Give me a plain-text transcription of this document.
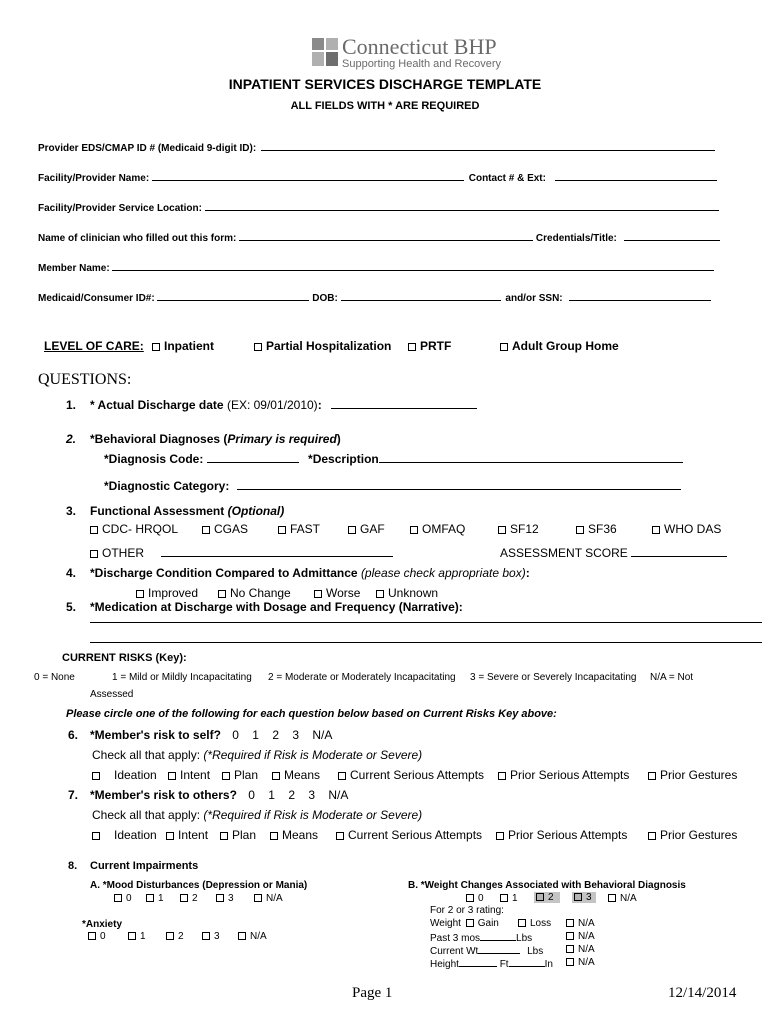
Connecticut BHP
Supporting Health and Recovery
INPATIENT SERVICES DISCHARGE TEMPLATE
ALL FIELDS WITH * ARE REQUIRED
Provider EDS/CMAP ID # (Medicaid 9-digit ID):
Facility/Provider Name:	Contact # & Ext:
Facility/Provider Service Location:
Name of clinician who filled out this form:	Credentials/Title:
Member Name:
Medicaid/Consumer ID#:	DOB:	and/or SSN:
LEVEL OF CARE:	Inpatient	Partial Hospitalization	PRTF	Adult Group Home
QUESTIONS:
1. * Actual Discharge date (EX: 09/01/2010):
2. *Behavioral Diagnoses (Primary is required)
*Diagnosis Code:	*Description
*Diagnostic Category:
3. Functional Assessment (Optional)
CDC- HRQOL	CGAS	FAST	GAF	OMFAQ	SF12	SF36	WHO DAS
OTHER	ASSESSMENT SCORE
4. *Discharge Condition Compared to Admittance (please check appropriate box):
Improved	No Change	Worse	Unknown
5. *Medication at Discharge with Dosage and Frequency (Narrative):
CURRENT RISKS (Key):
0 = None	1 = Mild or Mildly Incapacitating 2 = Moderate or Moderately Incapacitating 3 = Severe or Severely Incapacitating N/A = Not
Assessed
Please circle one of the following for each question below based on Current Risks Key above:
6. *Member's risk to self? 0 1 2 3 N/A
Check all that apply: (*Required if Risk is Moderate or Severe)
Ideation	Intent	Plan	Means	Current Serious Attempts	Prior Serious Attempts	Prior Gestures
7. *Member's risk to others? 0 1 2 3 N/A
Check all that apply: (*Required if Risk is Moderate or Severe)
Ideation	Intent	Plan	Means	Current Serious Attempts	Prior Serious Attempts	Prior Gestures
8. Current Impairments
A. *Mood Disturbances (Depression or Mania)
0	1	2	3	N/A
*Anxiety
0	1	2	3	N/A
B. *Weight Changes Associated with Behavioral Diagnosis
0	1	2	3	N/A
For 2 or 3 rating:
Weight Gain	Loss	N/A
Past 3 mos	Lbs	N/A
Current Wt	Lbs	N/A
Height	Ft	In	N/A
Page 1	12/14/2014
